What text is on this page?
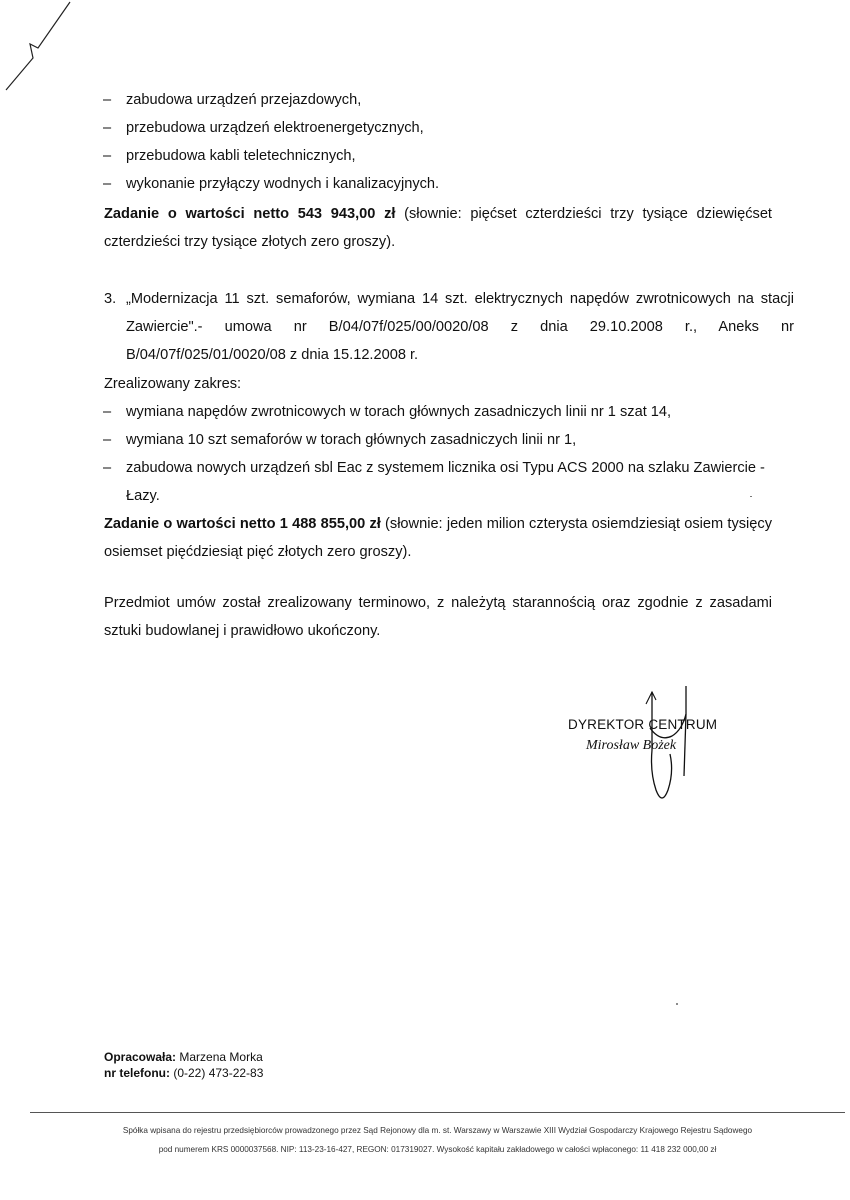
– zabudowa urządzeń przejazdowych,
– przebudowa urządzeń elektroenergetycznych,
– przebudowa kabli teletechnicznych,
– wykonanie przyłączy wodnych i kanalizacyjnych.
Zadanie o wartości netto 543 943,00 zł (słownie: pięćset czterdzieści trzy tysiące dziewięćset czterdzieści trzy tysiące złotych zero groszy).
3. „Modernizacja 11 szt. semaforów, wymiana 14 szt. elektrycznych napędów zwrotnicowych na stacji Zawiercie".- umowa nr B/04/07f/025/00/0020/08 z dnia 29.10.2008 r., Aneks nr B/04/07f/025/01/0020/08 z dnia 15.12.2008 r.
Zrealizowany zakres:
– wymiana napędów zwrotnicowych w torach głównych zasadniczych linii nr 1 szat 14,
– wymiana 10 szt semaforów w torach głównych zasadniczych linii nr 1,
– zabudowa nowych urządzeń sbl Eac z systemem licznika osi Typu ACS 2000 na szlaku Zawiercie - Łazy.
Zadanie o wartości netto 1 488 855,00 zł (słownie: jeden milion czterysta osiemdziesiąt osiem tysięcy osiemset pięćdziesiąt pięć złotych zero groszy).
Przedmiot umów został zrealizowany terminowo, z należytą starannością oraz zgodnie z zasadami sztuki budowlanej i prawidłowo ukończony.
DYREKTOR CENTRUM
Mirosław Bożek
Opracowała: Marzena Morka
nr telefonu: (0-22) 473-22-83
Spółka wpisana do rejestru przedsiębiorców prowadzonego przez Sąd Rejonowy dla m. st. Warszawy w Warszawie XIII Wydział Gospodarczy Krajowego Rejestru Sądowego
pod numerem KRS 0000037568. NIP: 113-23-16-427, REGON: 017319027. Wysokość kapitału zakładowego w całości wpłaconego: 11 418 232 000,00 zł
